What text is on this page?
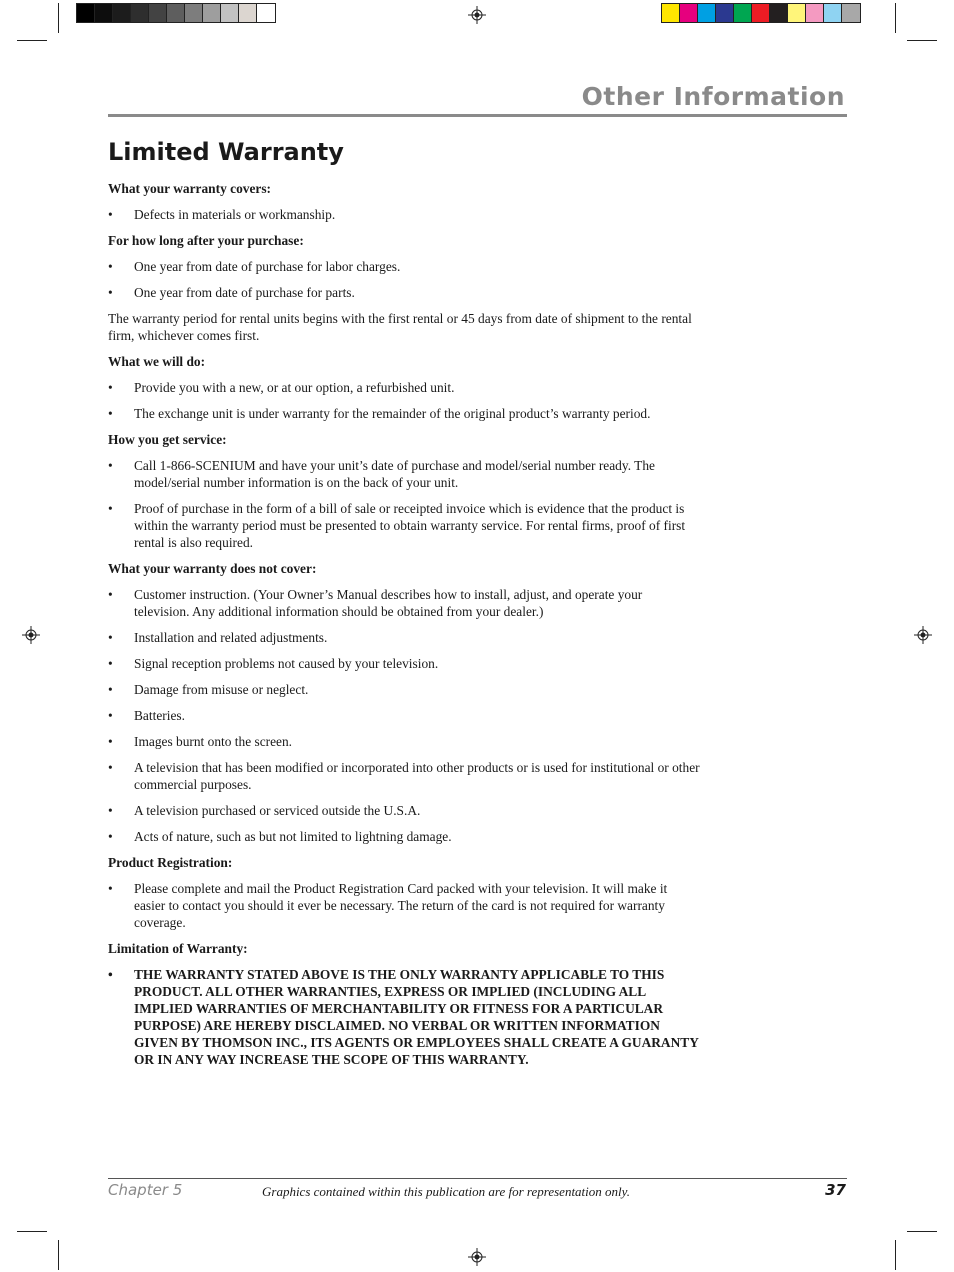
Other Information
Limited Warranty

What your warranty covers:

• Defects in materials or workmanship.

For how long after your purchase:

• One year from date of purchase for labor charges.
• One year from date of purchase for parts.

The warranty period for rental units begins with the first rental or 45 days from date of shipment to the rental firm, whichever comes first.

What we will do:

• Provide you with a new, or at our option, a refurbished unit.
• The exchange unit is under warranty for the remainder of the original product’s warranty period.

How you get service:

• Call 1-866-SCENIUM and have your unit’s date of purchase and model/serial number ready. The model/serial number information is on the back of your unit.
• Proof of purchase in the form of a bill of sale or receipted invoice which is evidence that the product is within the warranty period must be presented to obtain warranty service. For rental firms, proof of first rental is also required.

What your warranty does not cover:

• Customer instruction. (Your Owner’s Manual describes how to install, adjust, and operate your television. Any additional information should be obtained from your dealer.)
• Installation and related adjustments.
• Signal reception problems not caused by your television.
• Damage from misuse or neglect.
• Batteries.
• Images burnt onto the screen.
• A television that has been modified or incorporated into other products or is used for institutional or other commercial purposes.
• A television purchased or serviced outside the U.S.A.
• Acts of nature, such as but not limited to lightning damage.

Product Registration:

• Please complete and mail the Product Registration Card packed with your television. It will make it easier to contact you should it ever be necessary. The return of the card is not required for warranty coverage.

Limitation of Warranty:

• THE WARRANTY STATED ABOVE IS THE ONLY WARRANTY APPLICABLE TO THIS PRODUCT. ALL OTHER WARRANTIES, EXPRESS OR IMPLIED (INCLUDING ALL IMPLIED WARRANTIES OF MERCHANTABILITY OR FITNESS FOR A PARTICULAR PURPOSE) ARE HEREBY DISCLAIMED. NO VERBAL OR WRITTEN INFORMATION GIVEN BY THOMSON INC., ITS AGENTS OR EMPLOYEES SHALL CREATE A GUARANTY OR IN ANY WAY INCREASE THE SCOPE OF THIS WARRANTY.
Chapter 5	Graphics contained within this publication are for representation only.	37
